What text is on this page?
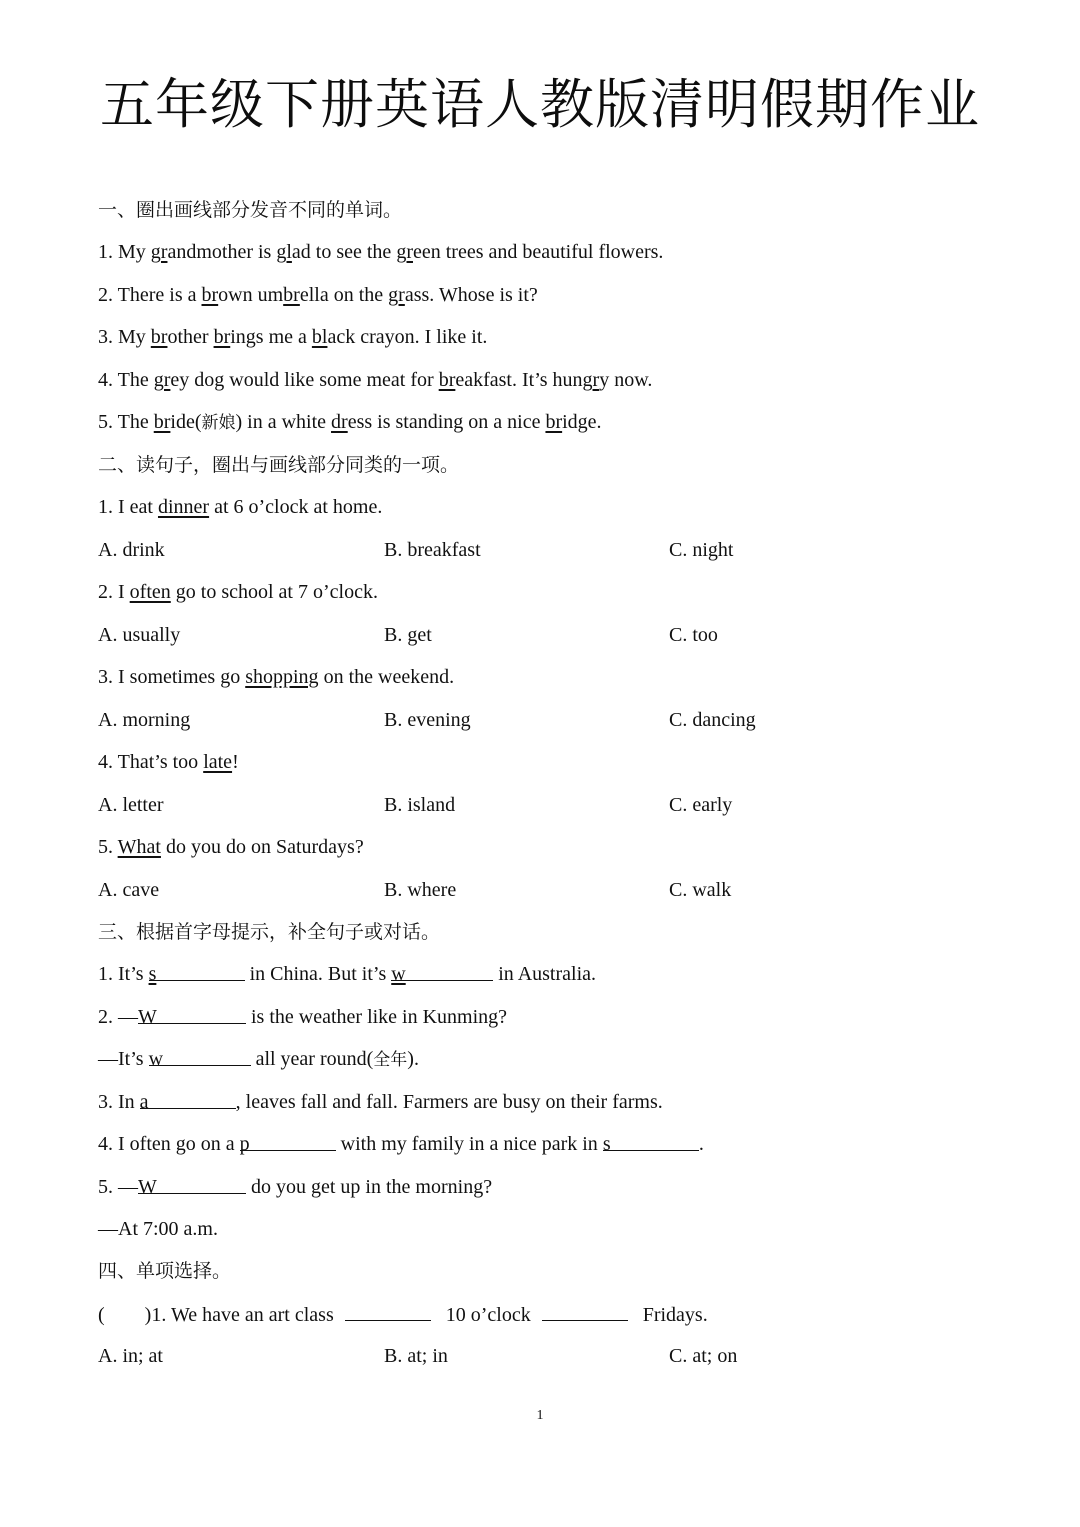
五年级下册英语人教版清明假期作业
一、圈出画线部分发音不同的单词。
1. My grandmother is glad to see the green trees and beautiful flowers.
2. There is a brown umbrella on the grass. Whose is it?
3. My brother brings me a black crayon. I like it.
4. The grey dog would like some meat for breakfast. It’s hungry now.
5. The bride(新娘) in a white dress is standing on a nice bridge.
二、读句子，圈出与画线部分同类的一项。
1. I eat dinner at 6 o’clock at home.
A. drink	B. breakfast	C. night
2. I often go to school at 7 o’clock.
A. usually	B. get	C. too
3. I sometimes go shopping on the weekend.
A. morning	B. evening	C. dancing
4. That’s too late!
A. letter	B. island	C. early
5. What do you do on Saturdays?
A. cave	B. where	C. walk
三、根据首字母提示，补全句子或对话。
1. It’s s	in China. But it’s w	in Australia.
2. —W	is the weather like in Kunming?
—It’s w	all year round(全年).
3. In a	, leaves fall and fall. Farmers are busy on their farms.
4. I often go on a p	with my family in a nice park in s	.
5. —W	do you get up in the morning?
—At 7:00 a.m.
四、单项选择。
( )1. We have an art class	10 o’clock	Fridays.
A. in; at	B. at; in	C. at; on
1
